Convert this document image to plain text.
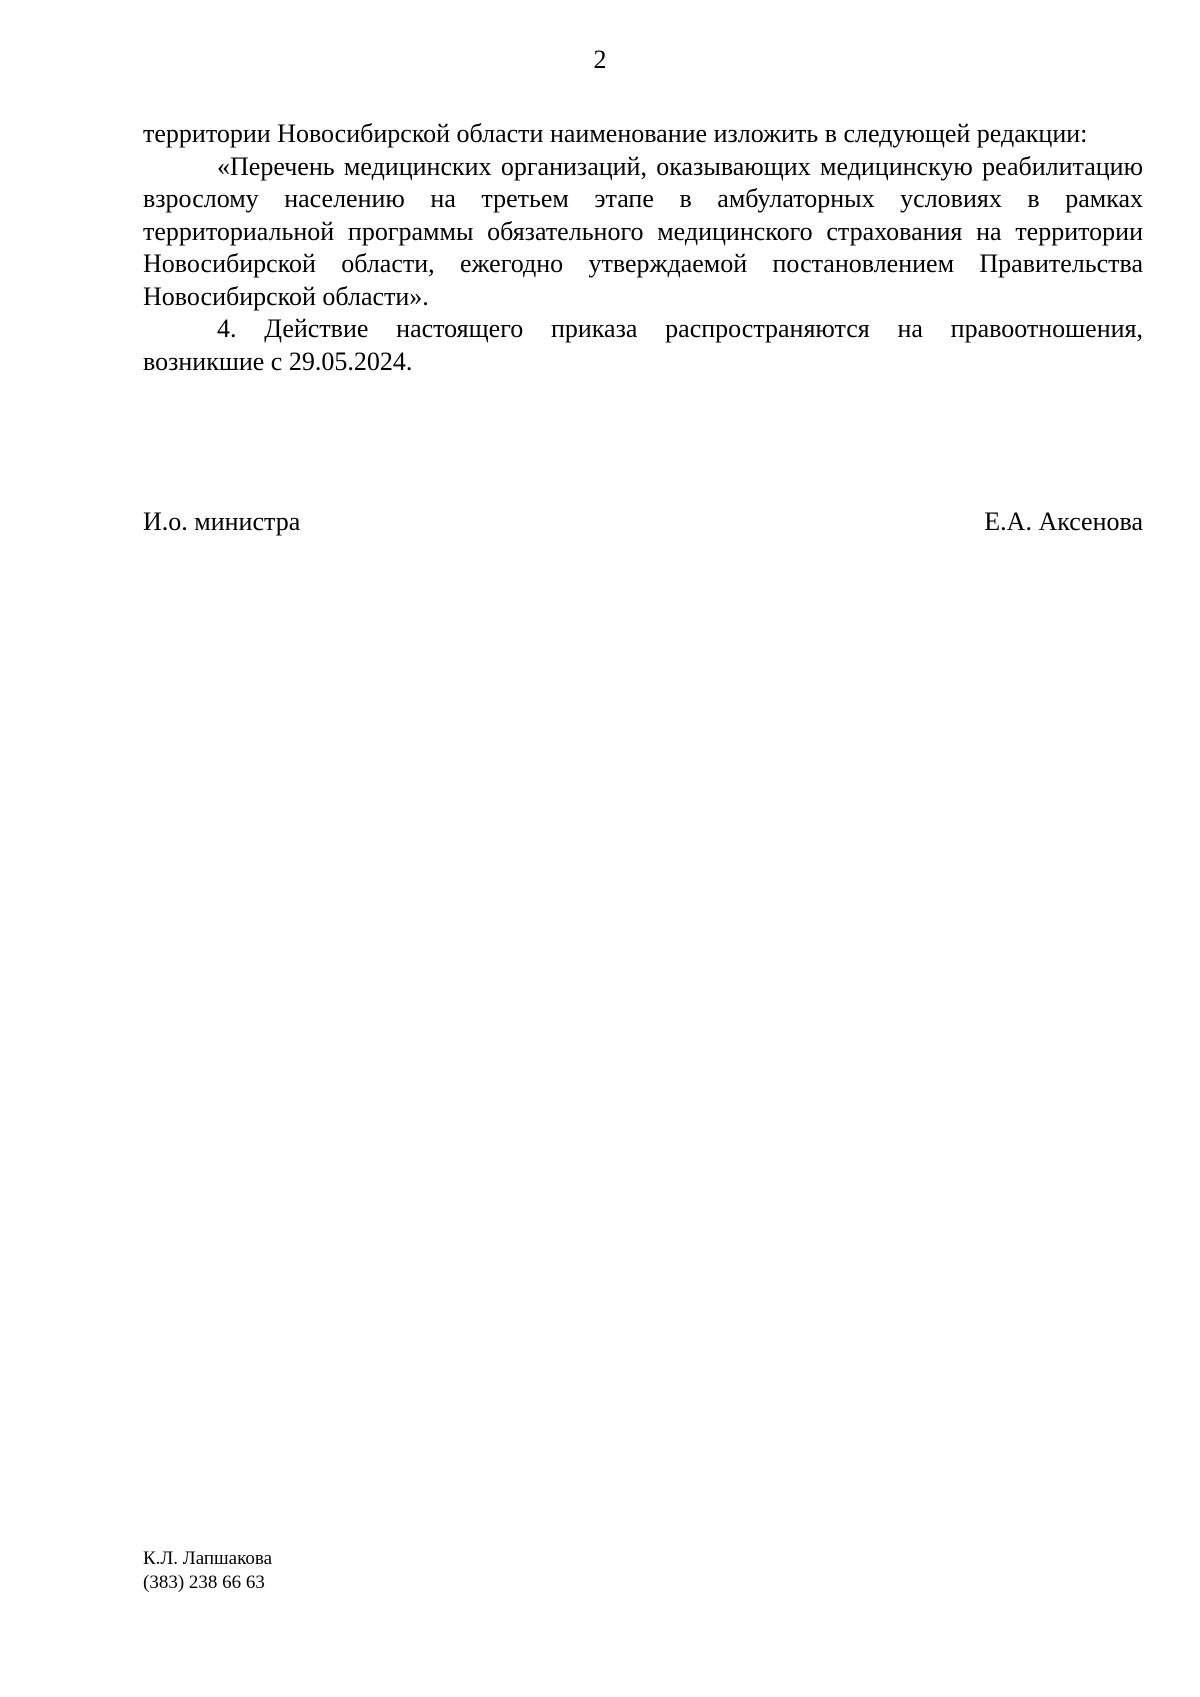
2

территории Новосибирской области наименование изложить в следующей редакции:

«Перечень медицинских организаций, оказывающих медицинскую реабилитацию взрослому населению на третьем этапе в амбулаторных условиях в рамках территориальной программы обязательного медицинского страхования на территории Новосибирской области, ежегодно утверждаемой постановлением Правительства Новосибирской области».

4. Действие настоящего приказа распространяются на правоотношения, возникшие с 29.05.2024.

И.о. министра	Е.А. Аксенова
К.Л. Лапшакова
(383) 238 66 63
